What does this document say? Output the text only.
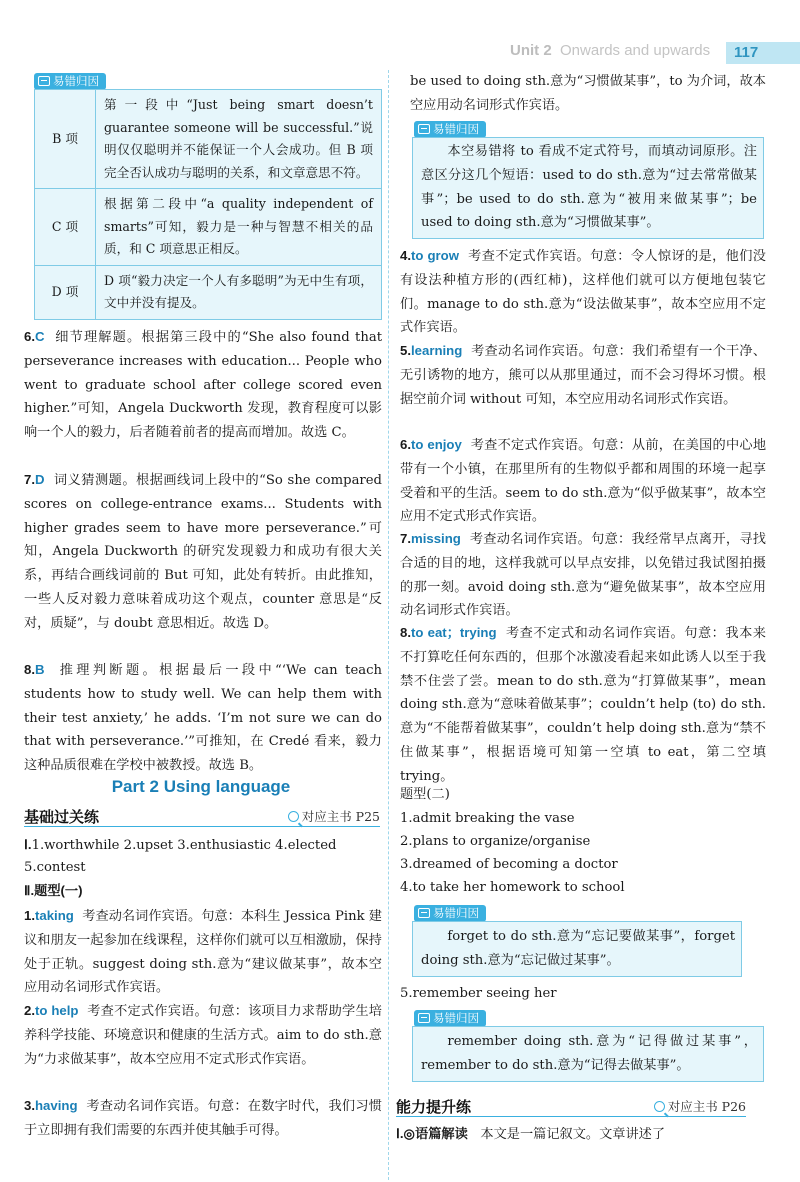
Unit 2 Onwards and upwards	117
易错归因
B 项	第一段中“Just being smart doesn’t guarantee someone will be successful.”说明仅仅聪明并不能保证一个人会成功。但 B 项完全否认成功与聪明的关系，和文章意思不符。
C 项	根据第二段中“a quality independent of smarts”可知，毅力是一种与智慧不相关的品质，和 C 项意思正相反。
D 项	D 项“毅力决定一个人有多聪明”为无中生有项，文中并没有提及。
6.C 细节理解题。根据第三段中的“She also found that perseverance increases with education... People who went to graduate school after college scored even higher.”可知，Angela Duckworth 发现，教育程度可以影响一个人的毅力，后者随着前者的提高而增加。故选 C。
7.D 词义猜测题。根据画线词上段中的“So she compared scores on college-entrance exams... Students with higher grades seem to have more perseverance.”可知，Angela Duckworth 的研究发现毅力和成功有很大关系，再结合画线词前的 But 可知，此处有转折。由此推知，一些人反对毅力意味着成功这个观点，counter 意思是“反对，质疑”，与 doubt 意思相近。故选 D。
8.B 推理判断题。根据最后一段中“‘We can teach students how to study well. We can help them with their test anxiety,’ he adds. ‘I’m not sure we can do that with perseverance.’”可推知，在 Credé 看来，毅力这种品质很难在学校中被教授。故选 B。
Part 2 Using language
基础过关练	对应主书 P25
Ⅰ.1.worthwhile 2.upset 3.enthusiastic 4.elected
5.contest
Ⅱ.题型(一)
1.taking 考查动名词作宾语。句意：本科生 Jessica Pink 建议和朋友一起参加在线课程，这样你们就可以互相激励，保持处于正轨。suggest doing sth.意为“建议做某事”，故本空应用动名词形式作宾语。
2.to help 考查不定式作宾语。句意：该项目力求帮助学生培养科学技能、环境意识和健康的生活方式。aim to do sth.意为“力求做某事”，故本空应用不定式形式作宾语。
3.having 考查动名词作宾语。句意：在数字时代，我们习惯于立即拥有我们需要的东西并使其触手可得。
be used to doing sth.意为“习惯做某事”，to 为介词，故本空应用动名词形式作宾语。
易错归因
本空易错将 to 看成不定式符号，而填动词原形。注意区分这几个短语：used to do sth.意为“过去常常做某事”；be used to do sth.意为“被用来做某事”；be used to doing sth.意为“习惯做某事”。
4.to grow 考查不定式作宾语。句意：令人惊讶的是，他们没有设法种植方形的(西红柿)，这样他们就可以方便地包装它们。manage to do sth.意为“设法做某事”，故本空应用不定式作宾语。
5.learning 考查动名词作宾语。句意：我们希望有一个干净、无引诱物的地方，熊可以从那里通过，而不会习得坏习惯。根据空前介词 without 可知，本空应用动名词形式作宾语。
6.to enjoy 考查不定式作宾语。句意：从前，在美国的中心地带有一个小镇，在那里所有的生物似乎都和周围的环境一起享受着和平的生活。seem to do sth.意为“似乎做某事”，故本空应用不定式形式作宾语。
7.missing 考查动名词作宾语。句意：我经常早点离开，寻找合适的目的地，这样我就可以早点安排，以免错过我试图拍摄的那一刻。avoid doing sth.意为“避免做某事”，故本空应用动名词形式作宾语。
8.to eat；trying 考查不定式和动名词作宾语。句意：我本来不打算吃任何东西的，但那个冰激凌看起来如此诱人以至于我禁不住尝了尝。mean to do sth.意为“打算做某事”，mean doing sth.意为“意味着做某事”；couldn’t help (to) do sth.意为“不能帮着做某事”，couldn’t help doing sth.意为“禁不住做某事”，根据语境可知第一空填 to eat，第二空填 trying。
题型(二)
1.admit breaking the vase
2.plans to organize/organise
3.dreamed of becoming a doctor
4.to take her homework to school
易错归因
forget to do sth.意为“忘记要做某事”，forget doing sth.意为“忘记做过某事”。
5.remember seeing her
易错归因
remember doing sth.意为“记得做过某事”，remember to do sth.意为“记得去做某事”。
能力提升练	对应主书 P26
Ⅰ.◎语篇解读 本文是一篇记叙文。文章讲述了
